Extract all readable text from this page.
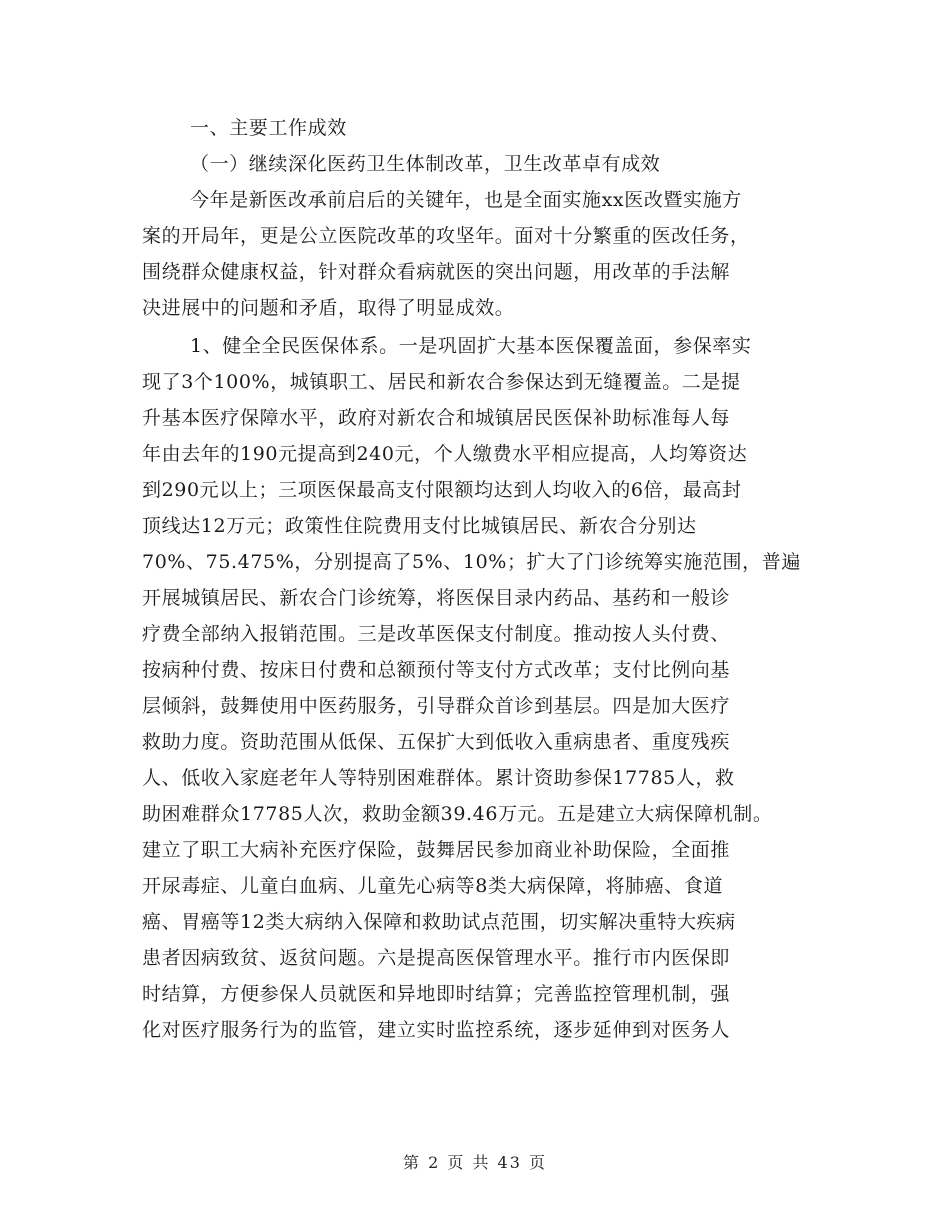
一、主要工作成效
（一）继续深化医药卫生体制改革，卫生改革卓有成效
今年是新医改承前启后的关键年，也是全面实施xx医改暨实施方
案的开局年，更是公立医院改革的攻坚年。面对十分繁重的医改任务，
围绕群众健康权益，针对群众看病就医的突出问题，用改革的手法解
决进展中的问题和矛盾，取得了明显成效。
1、健全全民医保体系。一是巩固扩大基本医保覆盖面，参保率实
现了3个100%，城镇职工、居民和新农合参保达到无缝覆盖。二是提
升基本医疗保障水平，政府对新农合和城镇居民医保补助标准每人每
年由去年的190元提高到240元，个人缴费水平相应提高，人均筹资达
到290元以上；三项医保最高支付限额均达到人均收入的6倍，最高封
顶线达12万元；政策性住院费用支付比城镇居民、新农合分别达
70%、75.475%，分别提高了5%、10%；扩大了门诊统筹实施范围，普遍
开展城镇居民、新农合门诊统筹，将医保目录内药品、基药和一般诊
疗费全部纳入报销范围。三是改革医保支付制度。推动按人头付费、
按病种付费、按床日付费和总额预付等支付方式改革；支付比例向基
层倾斜，鼓舞使用中医药服务，引导群众首诊到基层。四是加大医疗
救助力度。资助范围从低保、五保扩大到低收入重病患者、重度残疾
人、低收入家庭老年人等特别困难群体。累计资助参保17785人，救
助困难群众17785人次，救助金额39.46万元。五是建立大病保障机制。
建立了职工大病补充医疗保险，鼓舞居民参加商业补助保险，全面推
开尿毒症、儿童白血病、儿童先心病等8类大病保障，将肺癌、食道
癌、胃癌等12类大病纳入保障和救助试点范围，切实解决重特大疾病
患者因病致贫、返贫问题。六是提高医保管理水平。推行市内医保即
时结算，方便参保人员就医和异地即时结算；完善监控管理机制，强
化对医疗服务行为的监管，建立实时监控系统，逐步延伸到对医务人
第 2 页 共 43 页
